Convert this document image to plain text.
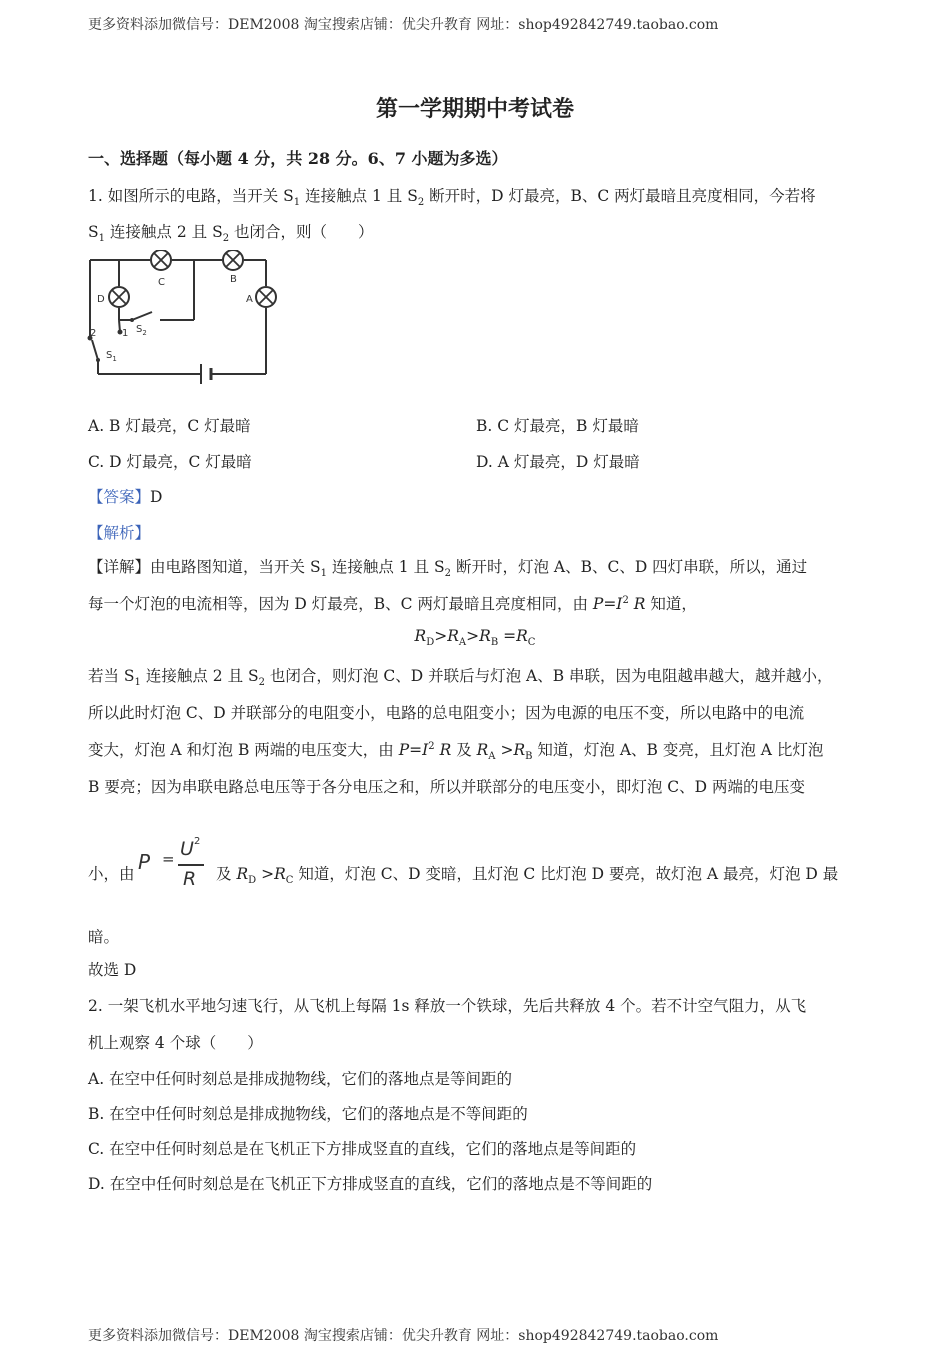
更多资料添加微信号：DEM2008 淘宝搜索店铺：优尖升教育 网址：shop492842749.taobao.com
第一学期期中考试卷
一、选择题（每小题 4 分，共 28 分。6、7 小题为多选）
1. 如图所示的电路，当开关 $S_1$ 连接触点 1 且 $S_2$ 断开时，D 灯最亮，B、C 两灯最暗且亮度相同，今若将
$S_1$ 连接触点 2 且 $S_2$ 也闭合，则（　　）
C	B
D	A
2	1 $S_2$
$S_1$
A. B 灯最亮，C 灯最暗	B. C 灯最亮，B 灯最暗
C. D 灯最亮，C 灯最暗	D. A 灯最亮，D 灯最暗
【答案】D
【解析】
【详解】由电路图知道，当开关 $S_1$ 连接触点 1 且 $S_2$ 断开时，灯泡 A、B、C、D 四灯串联，所以，通过
每一个灯泡的电流相等，因为 D 灯最亮，B、C 两灯最暗且亮度相同，由 $P=I^2$ R 知道，
$R_D>R_A>R_B =R_C$
若当 $S_1$ 连接触点 2 且 $S_2$ 也闭合，则灯泡 C、D 并联后与灯泡 A、B 串联，因为电阻越串越大，越并越小，
所以此时灯泡 C、D 并联部分的电阻变小，电路的总电阻变小；因为电源的电压不变，所以电路中的电流
变大，灯泡 A 和灯泡 B 两端的电压变大，由 $P=I^2$ R 及 $R_A >R_B$ 知道，灯泡 A、B 变亮，且灯泡 A 比灯泡
B 要亮；因为串联电路总电压等于各分电压之和，所以并联部分的电压变小，即灯泡 C、D 两端的电压变
小，由 P = U 2
R 及 $R_D >R_C$ 知道，灯泡 C、D 变暗，且灯泡 C 比灯泡 D 要亮，故灯泡 A 最亮，灯泡 D 最
暗。
故选 D
2. 一架飞机水平地匀速飞行，从飞机上每隔 1s 释放一个铁球，先后共释放 4 个。若不计空气阻力，从飞
机上观察 4 个球（　　）
A. 在空中任何时刻总是排成抛物线，它们的落地点是等间距的
B. 在空中任何时刻总是排成抛物线，它们的落地点是不等间距的
C. 在空中任何时刻总是在飞机正下方排成竖直的直线，它们的落地点是等间距的
D. 在空中任何时刻总是在飞机正下方排成竖直的直线，它们的落地点是不等间距的
更多资料添加微信号：DEM2008 淘宝搜索店铺：优尖升教育 网址：shop492842749.taobao.com
